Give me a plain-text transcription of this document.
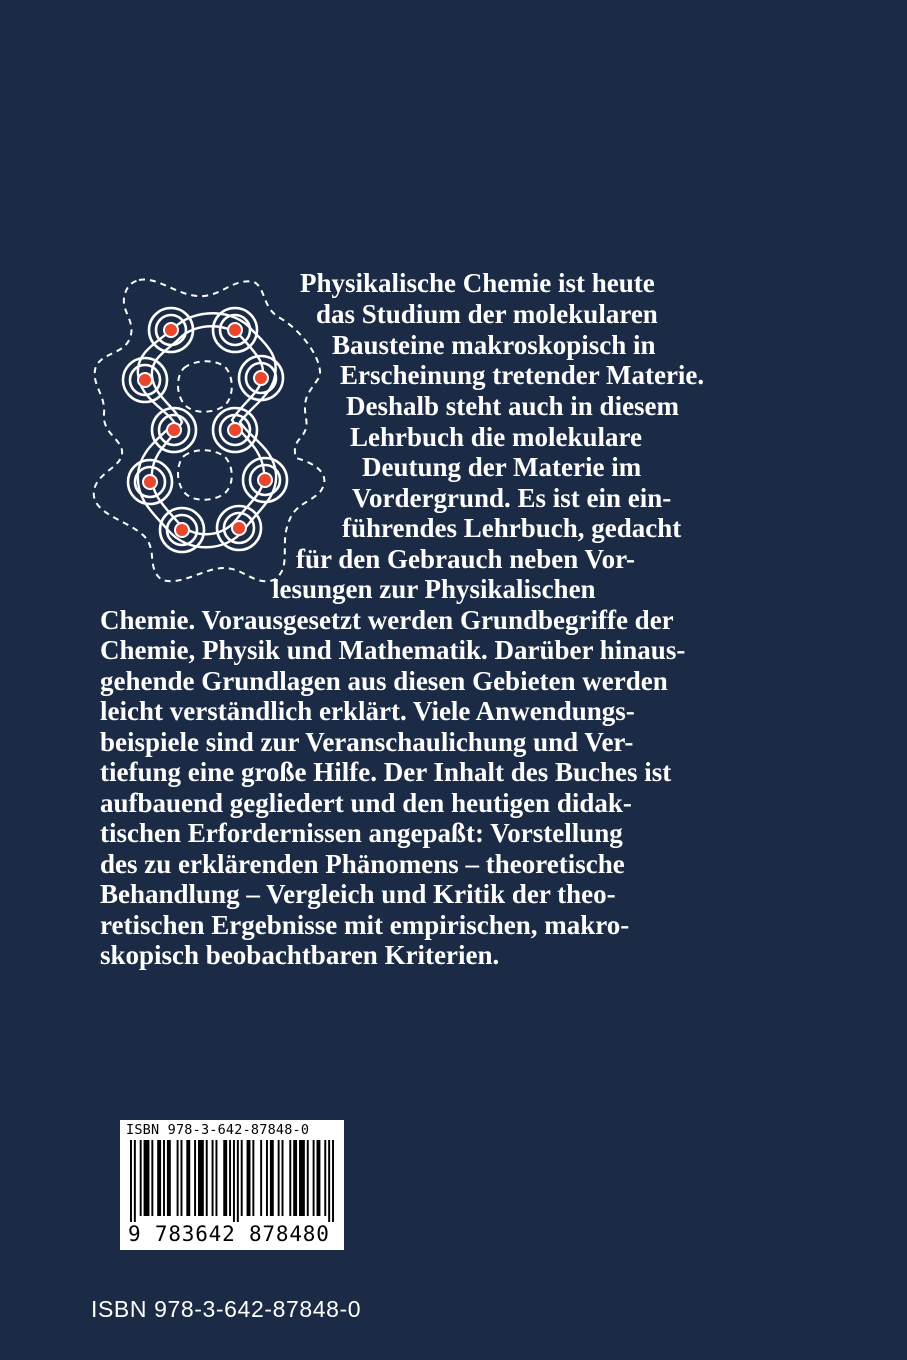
Physikalische Chemie ist heute
das Studium der molekularen
Bausteine makroskopisch in
Erscheinung tretender Materie.
Deshalb steht auch in diesem
Lehrbuch die molekulare
Deutung der Materie im
Vordergrund. Es ist ein ein-
führendes Lehrbuch, gedacht
für den Gebrauch neben Vor-
lesungen zur Physikalischen
Chemie. Vorausgesetzt werden Grundbegriffe der
Chemie, Physik und Mathematik. Darüber hinaus-
gehende Grundlagen aus diesen Gebieten werden
leicht verständlich erklärt. Viele Anwendungs-
beispiele sind zur Veranschaulichung und Ver-
tiefung eine große Hilfe. Der Inhalt des Buches ist
aufbauend gegliedert und den heutigen didak-
tischen Erfordernissen angepaßt: Vorstellung
des zu erklärenden Phänomens – theoretische
Behandlung – Vergleich und Kritik der theo-
retischen Ergebnisse mit empirischen, makro-
skopisch beobachtbaren Kriterien.
ISBN 978-3-642-87848-0
9 783642 878480
ISBN 978-3-642-87848-0
